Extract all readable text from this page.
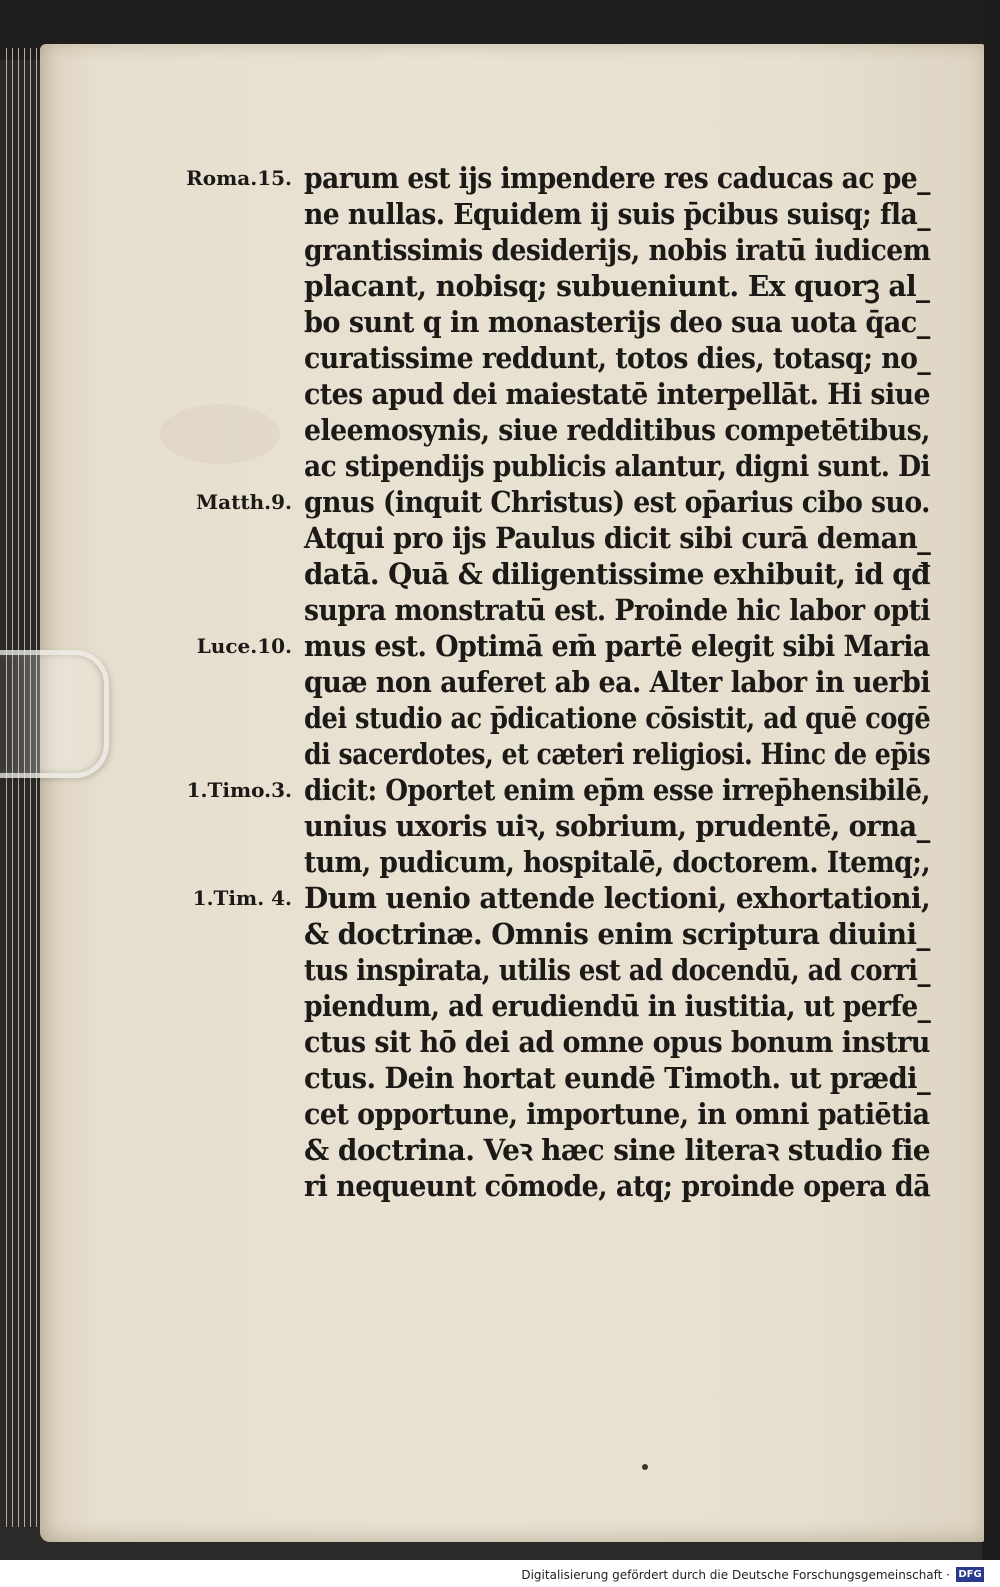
parum est ijs impendere res caducas ac pe_
ne nullas. Equidem ij suis p̄cibus suisq; fla_
grantissimis desiderijs, nobis iratū iudicem
placant, nobisq; subueniunt. Ex quorꝫ al_
bo sunt q in monasterijs deo sua uota q̄ac_
curatissime reddunt, totos dies, totasq; no_
ctes apud dei maiestatē interpellāt. Hi siue
eleemosynis, siue redditibus competētibus,
ac stipendijs publicis alantur, digni sunt. Di
gnus (inquit Christus) est op̄arius cibo suo.
Atqui pro ijs Paulus dicit sibi curā deman_
datā. Quā & diligentissime exhibuit, id qđ
supra monstratū est. Proinde hic labor opti
mus est. Optimā em̄ partē elegit sibi Maria
quæ non auferet ab ea. Alter labor in uerbi
dei studio ac p̄dicatione cōsistit, ad quē cogē
di sacerdotes, et cæteri religiosi. Hinc de ep̄is
dicit: Oportet enim ep̄m esse irrep̄hensibilē,
unius uxoris uiꝛ, sobrium, prudentē, orna_
tum, pudicum, hospitalē, doctorem. Itemq;,
Dum uenio attende lectioni, exhortationi,
& doctrinæ. Omnis enim scriptura diuini_
tus inspirata, utilis est ad docendū, ad corri_
piendum, ad erudiendū in iustitia, ut perfe_
ctus sit hō dei ad omne opus bonum instru
ctus. Dein hortat eundē Timoth. ut prædi_
cet opportune, importune, in omni patiētia
& doctrina. Veꝛ hæc sine literaꝛ studio fie
ri nequeunt cōmode, atq; proinde opera dā
Roma.15.
Matth.9.
Luce.10.
1.Timo.3.
1.Tim. 4.
Digitalisierung gefördert durch die Deutsche Forschungsgemeinschaft · DFG
